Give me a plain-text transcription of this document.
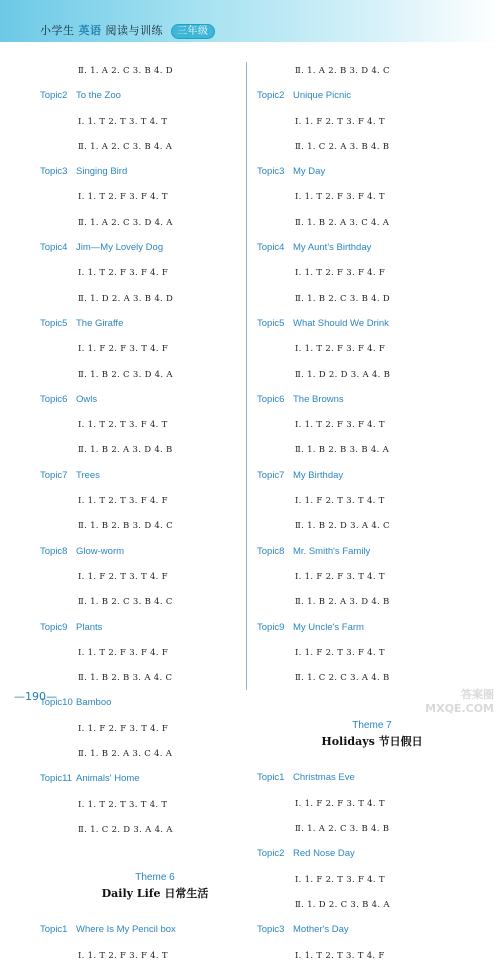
小学生 英语 阅读与训练 三年级
Ⅱ. 1. A 2. C 3. B 4. D
Topic2 To the Zoo
Ⅰ. 1. T 2. T 3. T 4. T
Ⅱ. 1. A 2. C 3. B 4. A
Topic3 Singing Bird
Ⅰ. 1. T 2. F 3. F 4. T
Ⅱ. 1. A 2. C 3. D 4. A
Topic4 Jim—My Lovely Dog
Ⅰ. 1. T 2. F 3. F 4. F
Ⅱ. 1. D 2. A 3. B 4. D
Topic5 The Giraffe
Ⅰ. 1. F 2. F 3. T 4. F
Ⅱ. 1. B 2. C 3. D 4. A
Topic6 Owls
Ⅰ. 1. T 2. T 3. F 4. T
Ⅱ. 1. B 2. A 3. D 4. B
Topic7 Trees
Ⅰ. 1. T 2. T 3. F 4. F
Ⅱ. 1. B 2. B 3. D 4. C
Topic8 Glow-worm
Ⅰ. 1. F 2. T 3. T 4. F
Ⅱ. 1. B 2. C 3. B 4. C
Topic9 Plants
Ⅰ. 1. T 2. F 3. F 4. F
Ⅱ. 1. B 2. B 3. A 4. C
Topic10 Bamboo
Ⅰ. 1. F 2. F 3. T 4. F
Ⅱ. 1. B 2. A 3. C 4. A
Topic11 Animals' Home
Ⅰ. 1. T 2. T 3. T 4. T
Ⅱ. 1. C 2. D 3. A 4. A
Theme 6
Daily Life 日常生活
Topic1 Where Is My Pencil box
Ⅰ. 1. T 2. F 3. F 4. T
Ⅱ. 1. A 2. B 3. D 4. C
Topic2 Unique Picnic
Ⅰ. 1. F 2. T 3. F 4. T
Ⅱ. 1. C 2. A 3. B 4. B
Topic3 My Day
Ⅰ. 1. T 2. F 3. F 4. T
Ⅱ. 1. B 2. A 3. C 4. A
Topic4 My Aunt's Birthday
Ⅰ. 1. T 2. F 3. F 4. F
Ⅱ. 1. B 2. C 3. B 4. D
Topic5 What Should We Drink
Ⅰ. 1. T 2. F 3. F 4. F
Ⅱ. 1. D 2. D 3. A 4. B
Topic6 The Browns
Ⅰ. 1. T 2. F 3. F 4. T
Ⅱ. 1. B 2. B 3. B 4. A
Topic7 My Birthday
Ⅰ. 1. F 2. T 3. T 4. T
Ⅱ. 1. B 2. D 3. A 4. C
Topic8 Mr. Smith's Family
Ⅰ. 1. F 2. F 3. T 4. T
Ⅱ. 1. B 2. A 3. D 4. B
Topic9 My Uncle's Farm
Ⅰ. 1. F 2. T 3. F 4. T
Ⅱ. 1. C 2. C 3. A 4. B
Theme 7
Holidays 节日假日
Topic1 Christmas Eve
Ⅰ. 1. F 2. F 3. T 4. T
Ⅱ. 1. A 2. C 3. B 4. B
Topic2 Red Nose Day
Ⅰ. 1. F 2. T 3. F 4. T
Ⅱ. 1. D 2. C 3. B 4. A
Topic3 Mother's Day
Ⅰ. 1. T 2. T 3. T 4. F
—190—	答案圈 MXQE.COM
